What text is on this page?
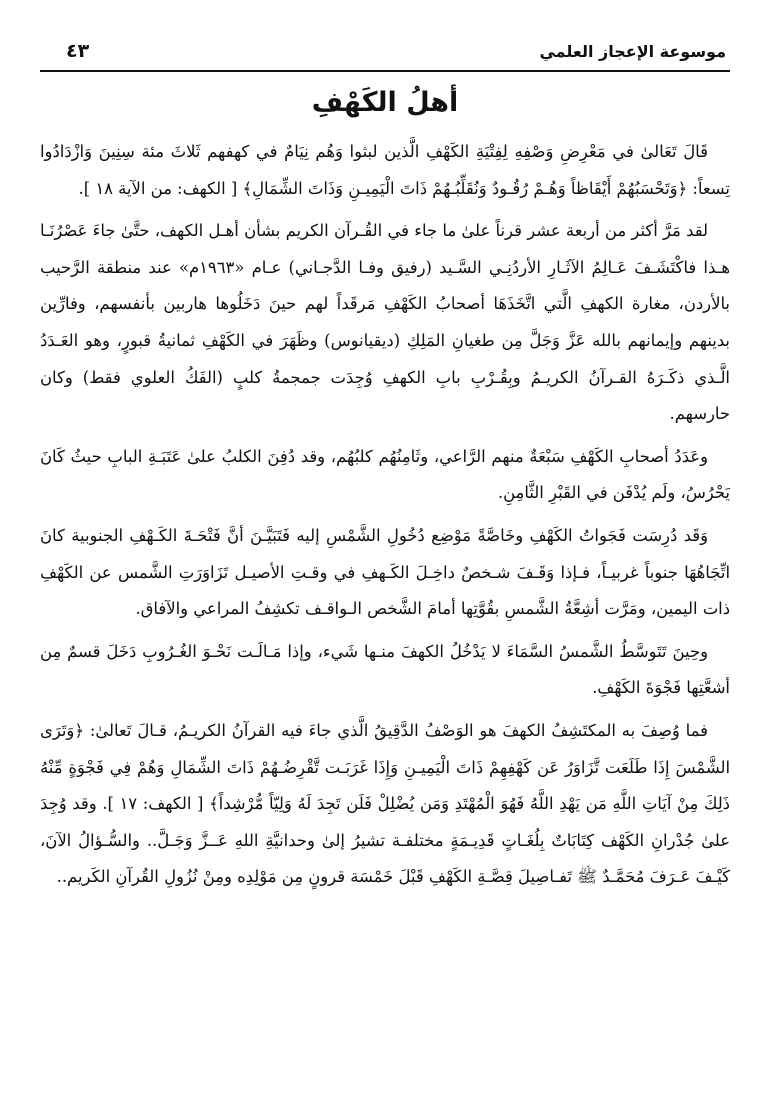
موسوعة الإعجاز العلمي
٤٣
أهلُ الكَهْفِ

قَالَ تَعَالىٰ في مَعْرِضِ وَصْفِهِ لِفِتْيَةِ الكَهْفِ الَّذين لبثوا وَهُم نِيَامٌ في كهفهم ثَلاثَ مئة سِنِينَ وَازْدَادُوا تِسعاً: ﴿وَتَحْسَبُهُمْ أَيْقَاظاً وَهُـمْ رُقُـودٌ وَنُقَلِّبُـهُمْ ذَاتَ الْيَمِيـنِ وَذَاتَ الشِّمَالِ﴾ [ الكهف: من الآية ١٨ ].

لقد مَرَّ أكثر من أربعة عشر قرناً علىٰ ما جاء في القُـرآن الكريم بشأن أهـل الكهف، حتَّىٰ جاءَ عَصْرُنَـا هـذا فاكْتَشَـفَ عَـالِمُ الآثَـارِ الأردُنِـي السَّـيد (رفيق وفـا الدَّجـاني) عـام «١٩٦٣م» عند منطقة الرَّحيب بالأردن، مغارة الكهفِ الَّتي اتَّخَذَهَا أصحابُ الكَهْفِ مَرقَداً لهم حينَ دَخَلُوها هاربين بأنفسهم، وفارِّين بدينهم وإيمانهم بالله عَزَّ وَجَلَّ مِن طغيانِ المَلِكِ (ديقيانوس) وظَهَرَ في الكَهْفِ ثمانيةُ قبورٍ، وهو العَـدَدُ الَّـذي ذكَـرَهُ القـرآنُ الكريـمُ وبِقُـرْبِ بابِ الكهفِ وُجِدَت جمجمةُ كلبٍ (الفَكُ العلوي فقط) وكان حارسهم.

وعَدَدُ أصحابِ الكَهْفِ سَبْعَةٌ منهم الرَّاعي، وثَامِنُهُم كلبُهُم، وقد دُفِنَ الكلبُ علىٰ عَتَبَـةِ البابِ حيثُ كَانَ يَحْرُسُ، ولَم يُدْفَن في القَبْرِ الثَّامِنِ.

وَقَد دُرِسَت فَجَواتُ الكَهْفِ وخَاصَّةً مَوْضِع دُخُولِ الشَّمْسِ إليه فَتَبَيَّـنَ أنَّ فَتْحَـةَ الكَـهْفِ الجنوبية كانَ اتِّجَاهُهَا جنوباً غربيـاً، فـإذا وَقَـفَ شـخصٌ داخِـلَ الكَـهفِ في وقـتِ الأصيـل تَزَاوَرَتِ الشَّمس عن الكَهْفِ ذات اليمين، ومَرَّت أشِعَّةُ الشَّمسِ بقُوَّتِها أمامَ الشَّخص الـواقـف تكشِفُ المراعي والآفاق.

وحِينَ تَتَوسَّطُ الشَّمسُ السَّمَاءَ لا يَدْخُلُ الكهفَ منـها شَيء، وإذا مَـالَـت نَحْـوَ الغُـرُوبِ دَخَلَ قسمٌ مِن أشعَّتِها فَجْوَةَ الكَهْفِ.

فما وُصِفَ به المكتَشِفُ الكهفَ هو الوَصْفُ الدَّقِيقُ الَّذي جاءَ فيه القرآنُ الكريـمُ، قـالَ تَعالىٰ: ﴿وَتَرَى الشَّمْسَ إِذَا طَلَعَت تَّزَاوَرُ عَن كَهْفِهِمْ ذَاتَ الْيَمِيـنِ وَإِذَا غَرَبَـت تَّقْرِضُـهُمْ ذَاتَ الشِّمَالِ وَهُمْ فِي فَجْوَةٍ مِّنْهُ ذَلِكَ مِنْ آيَاتِ اللَّهِ مَن يَهْدِ اللَّهُ فَهُوَ الْمُهْتَدِ وَمَن يُضْلِلْ فَلَن تَجِدَ لَهُ وَلِيّاً مُّرْشِداً﴾ [ الكهف: ١٧ ]. وقد وُجِدَ علىٰ جُدْرانِ الكَهْف كِتَابَاتٌ بِلُغَـاتٍ قَدِيـمَةٍ مختلفـة تشيرُ إلىٰ وحدانيَّةِ اللهِ عَــزَّ وَجَـلَّ.. والسُّـؤالُ الآنَ، كَيْـفَ عَـرَفَ مُحَمَّـدٌ ﷺ تَفـاصِيلَ قِصَّـةِ الكَهْفِ قَبْلَ خَمْسَة قرونٍ مِن مَوْلِدِه ومِنْ نُزُولِ القُرآنِ الكَريم..
